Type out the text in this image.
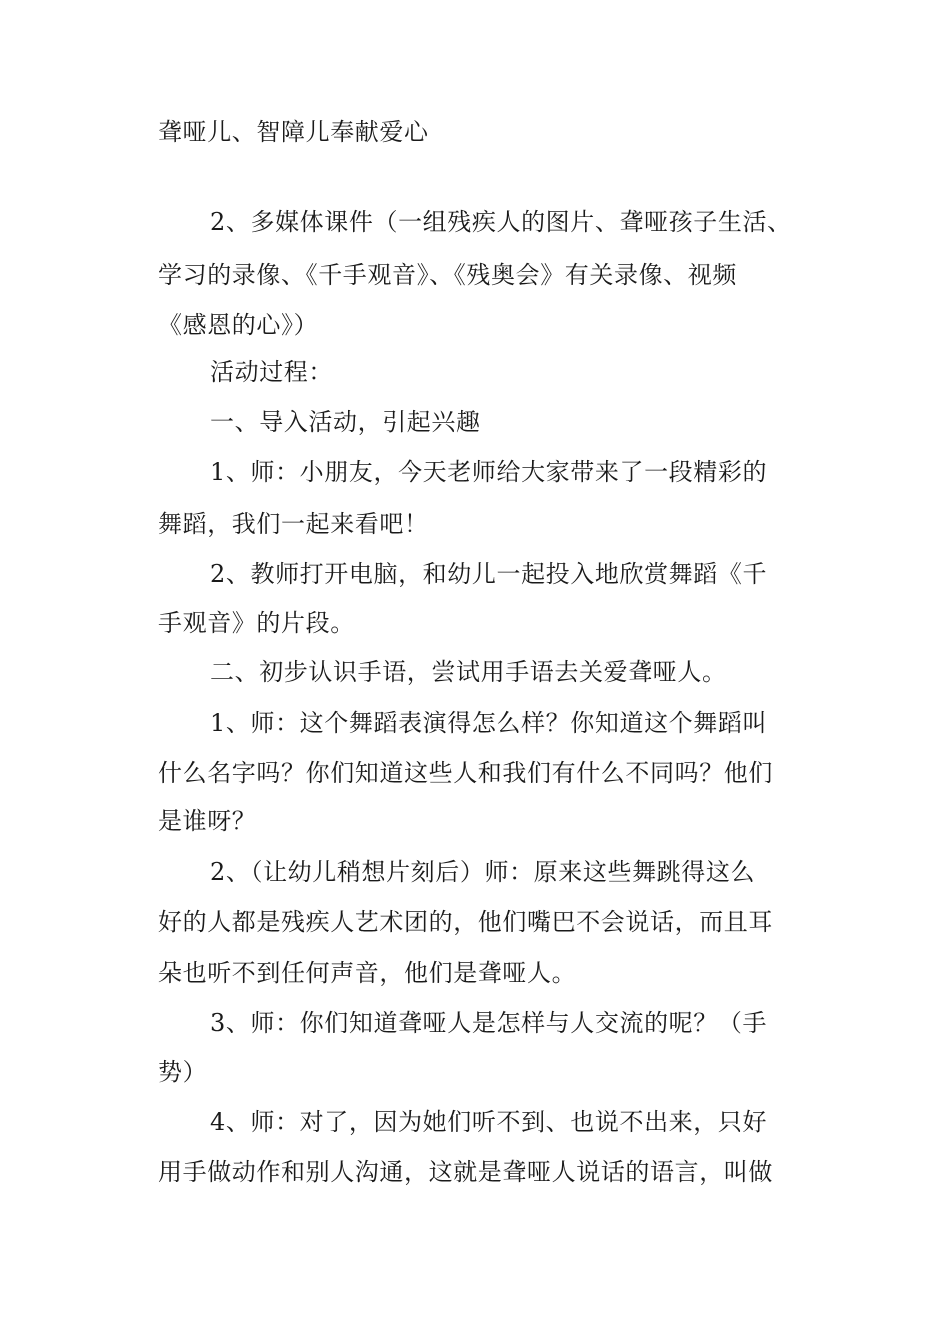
聋哑儿、智障儿奉献爱心
2、多媒体课件（一组残疾人的图片、聋哑孩子生活、
学习的录像、《千手观音》、《残奥会》有关录像、视频
《感恩的心》）
活动过程：
一、导入活动，引起兴趣
1、师：小朋友，今天老师给大家带来了一段精彩的
舞蹈，我们一起来看吧！
2、教师打开电脑，和幼儿一起投入地欣赏舞蹈《千
手观音》的片段。
二、初步认识手语，尝试用手语去关爱聋哑人。
1、师：这个舞蹈表演得怎么样？你知道这个舞蹈叫
什么名字吗？你们知道这些人和我们有什么不同吗？他们
是谁呀？
2、（让幼儿稍想片刻后）师：原来这些舞跳得这么
好的人都是残疾人艺术团的，他们嘴巴不会说话，而且耳
朵也听不到任何声音，他们是聋哑人。
3、师：你们知道聋哑人是怎样与人交流的呢？（手
势）
4、师：对了，因为她们听不到、也说不出来，只好
用手做动作和别人沟通，这就是聋哑人说话的语言，叫做
